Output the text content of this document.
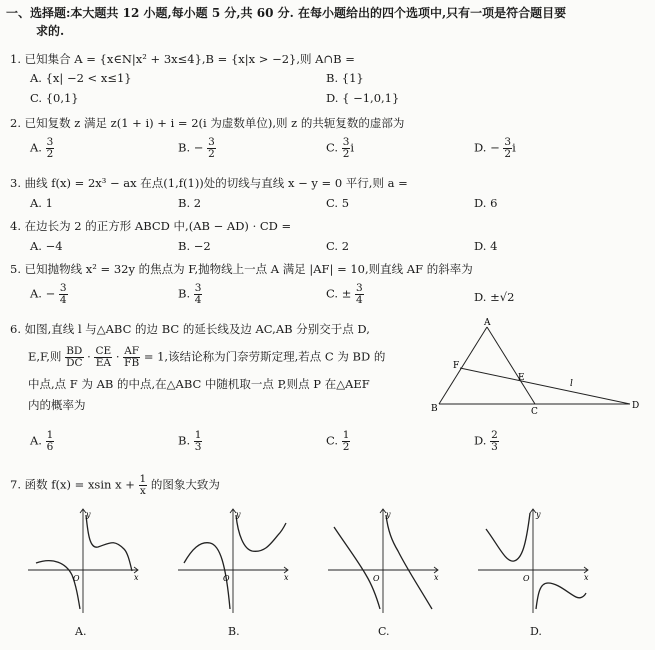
一、选择题:本大题共 12 小题,每小题 5 分,共 60 分. 在每小题给出的四个选项中,只有一项是符合题目要
求的.
1. 已知集合 A = {x∈N|x² + 3x≤4},B = {x|x > −2},则 A∩B =
A. {x| −2 < x≤1}	B. {1}
C. {0,1}	D. { −1,0,1}
2. 已知复数 z 满足 z(1 + i) + i = 2(i 为虚数单位),则 z 的共轭复数的虚部为
A. $\frac{3}{2}$	B. − $\frac{3}{2}$	C. $\frac{3}{2}$ i	D. − $\frac{3}{2}$ i
3. 曲线 f(x) = 2x³ − ax 在点(1,f(1))处的切线与直线 x − y = 0 平行,则 a =
A. 1	B. 2	C. 5	D. 6
4. 在边长为 2 的正方形 ABCD 中,(AB − AD) · CD =
A. −4	B. −2	C. 2	D. 4
5. 已知抛物线 x² = 32y 的焦点为 F,抛物线上一点 A 满足 |AF| = 10,则直线 AF 的斜率为
A. − $\frac{3}{4}$	B. $\frac{3}{4}$	C. ± $\frac{3}{4}$	D. ±√2
6. 如图,直线 l 与△ABC 的边 BC 的延长线及边 AC,AB 分别交于点 D,
E,F,则 $\frac{BD}{DC} \cdot \frac{CE}{EA} \cdot \frac{AF}{FB} = 1$,该结论称为门奈劳斯定理,若点 C 为 BD 的
中点,点 F 为 AB 的中点,在△ABC 中随机取一点 P,则点 P 在△AEF
内的概率为
A. $\frac{1}{6}$	B. $\frac{1}{3}$	C. $\frac{1}{2}$	D. $\frac{2}{3}$
A
B	C
D
E
F
l
7. 函数 f(x) = xsin $x + \frac{1}{x}$ 的图象大致为
y
x
O
A.
y
x
O
B.
y
x
O
C.
y
x
O
D.
